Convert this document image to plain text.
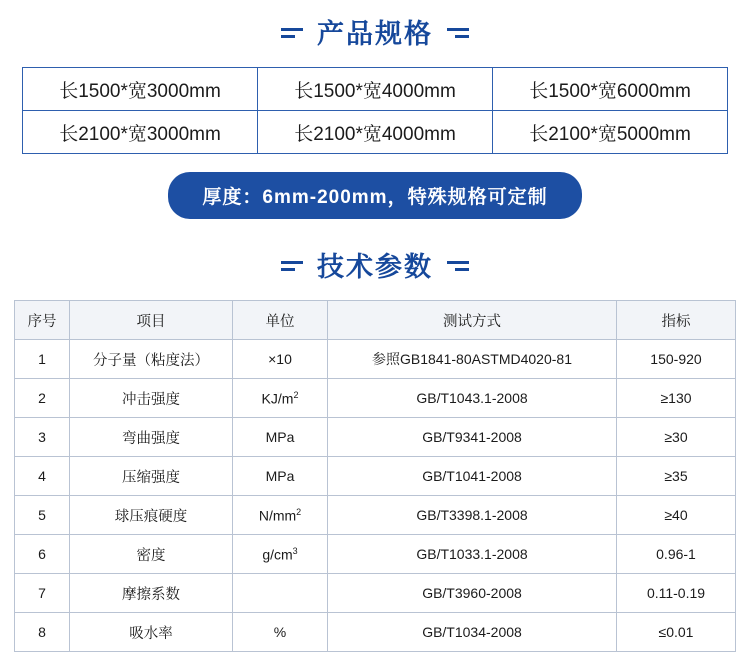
产品规格
长1500*宽3000mm	长1500*宽4000mm	长1500*宽6000mm
长2100*宽3000mm	长2100*宽4000mm	长2100*宽5000mm
厚度：6mm-200mm，特殊规格可定制
技术参数
序号	项目	单位	测试方式	指标
1	分子量（粘度法）	×10	参照GB1841-80ASTMD4020-81	150-920
2	冲击强度	$KJ/m^2$	GB/T1043.1-2008	≥130
3	弯曲强度	MPa	GB/T9341-2008	≥30
4	压缩强度	MPa	GB/T1041-2008	≥35
5	球压痕硬度	$N/mm^2$	GB/T3398.1-2008	≥40
6	密度	$g/cm^3$	GB/T1033.1-2008	0.96-1
7	摩擦系数		GB/T3960-2008	0.11-0.19
8	吸水率	%	GB/T1034-2008	≤0.01
